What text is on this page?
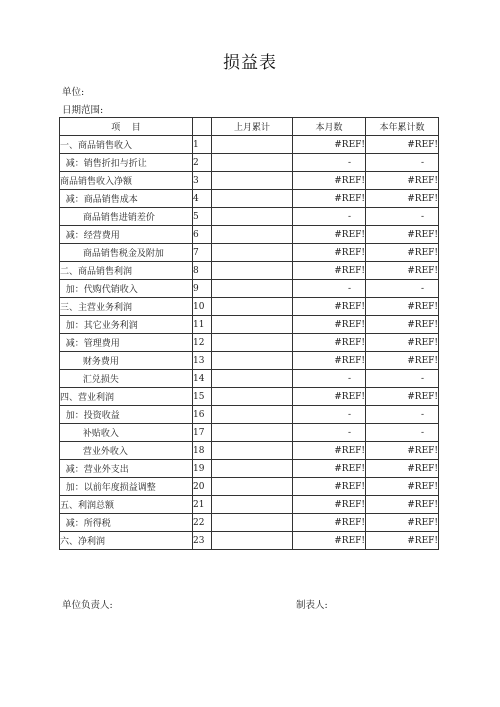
损益表
单位:
日期范围:
项    目		上月累计	本月数	本年累计数
一、商品销售收入	1		#REF!	#REF!
减：销售折扣与折让	2		-	-
商品销售收入净额	3		#REF!	#REF!
减：商品销售成本	4		#REF!	#REF!
商品销售进销差价	5		-	-
减：经营费用	6		#REF!	#REF!
商品销售税金及附加	7		#REF!	#REF!
二、商品销售利润	8		#REF!	#REF!
加：代购代销收入	9		-	-
三、主营业务利润	10		#REF!	#REF!
加：其它业务利润	11		#REF!	#REF!
减：管理费用	12		#REF!	#REF!
财务费用	13		#REF!	#REF!
汇兑损失	14		-	-
四、营业利润	15		#REF!	#REF!
加：投资收益	16		-	-
补贴收入	17		-	-
营业外收入	18		#REF!	#REF!
减：营业外支出	19		#REF!	#REF!
加：以前年度损益调整	20		#REF!	#REF!
五、利润总额	21		#REF!	#REF!
减：所得税	22		#REF!	#REF!
六、净利润	23		#REF!	#REF!
单位负责人:	制表人:
